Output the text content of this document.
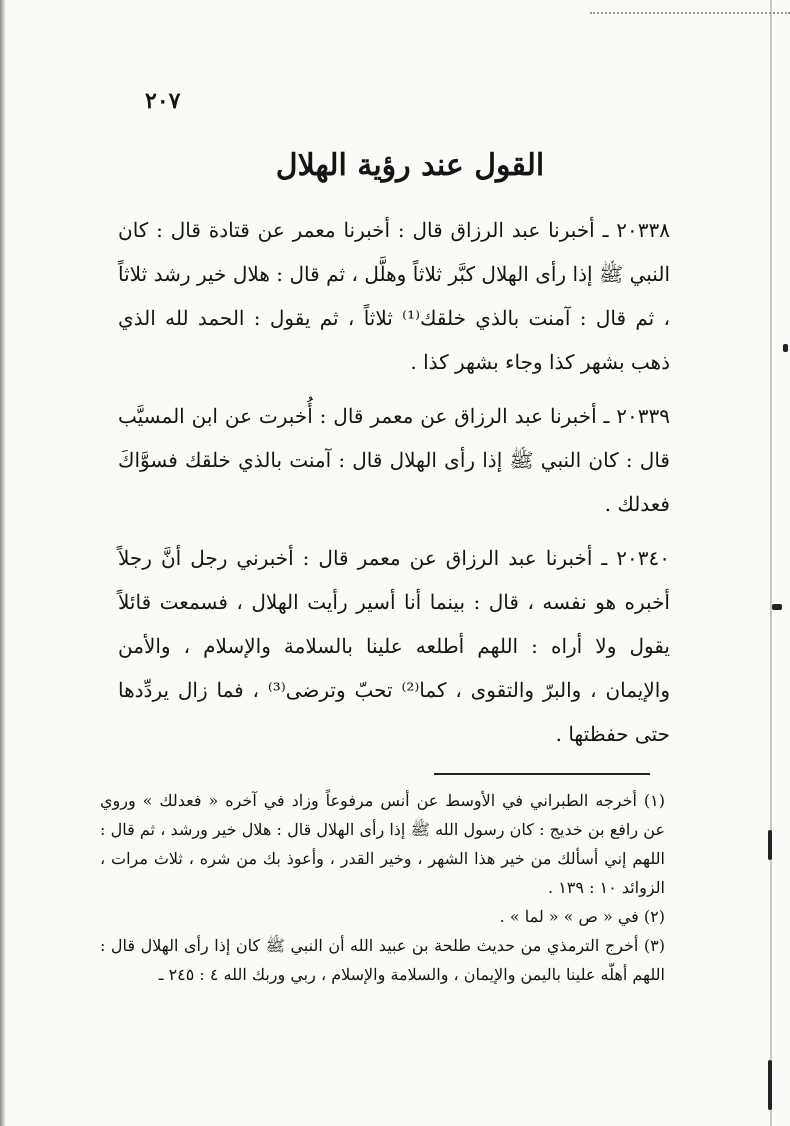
٢٠٧
القول عند رؤية الهلال

٢٠٣٣٨ ـ أخبرنا عبد الرزاق قال : أخبرنا معمر عن قتادة قال : كان النبي ﷺ إذا رأى الهلال كبَّر ثلاثاً وهلَّل ، ثم قال : هلال خير رشد ثلاثاً ، ثم قال : آمنت بالذي خلقك⁽¹⁾ ثلاثاً ، ثم يقول : الحمد لله الذي ذهب بشهر كذا وجاء بشهر كذا .

٢٠٣٣٩ ـ أخبرنا عبد الرزاق عن معمر قال : أُخبرت عن ابن المسيَّب قال : كان النبي ﷺ إذا رأى الهلال قال : آمنت بالذي خلقك فسوَّاكَ فعدلك .

٢٠٣٤٠ ـ أخبرنا عبد الرزاق عن معمر قال : أخبرني رجل أنَّ رجلاً أخبره هو نفسه ، قال : بينما أنا أسير رأيت الهلال ، فسمعت قائلاً يقول ولا أراه : اللهم أطلعه علينا بالسلامة والإسلام ، والأمن والإيمان ، والبرّ والتقوى ، كما⁽²⁾ تحبّ وترضى⁽³⁾ ، فما زال يردِّدها حتى حفظتها .

(١) أخرجه الطبراني في الأوسط عن أنس مرفوعاً وزاد في آخره « فعدلك » وروي عن رافع بن خديج : كان رسول الله ﷺ إذا رأى الهلال قال : هلال خير ورشد ، ثم قال : اللهم إني أسألك من خير هذا الشهر ، وخير القدر ، وأعوذ بك من شره ، ثلاث مرات ، الزوائد ١٠ : ١٣٩ .

(٢) في « ص » « لما » .

(٣) أخرج الترمذي من حديث طلحة بن عبيد الله أن النبي ﷺ كان إذا رأى الهلال قال : اللهم أهلّه علينا باليمن والإيمان ، والسلامة والإسلام ، ربي وربك الله ٤ : ٢٤٥ ـ
